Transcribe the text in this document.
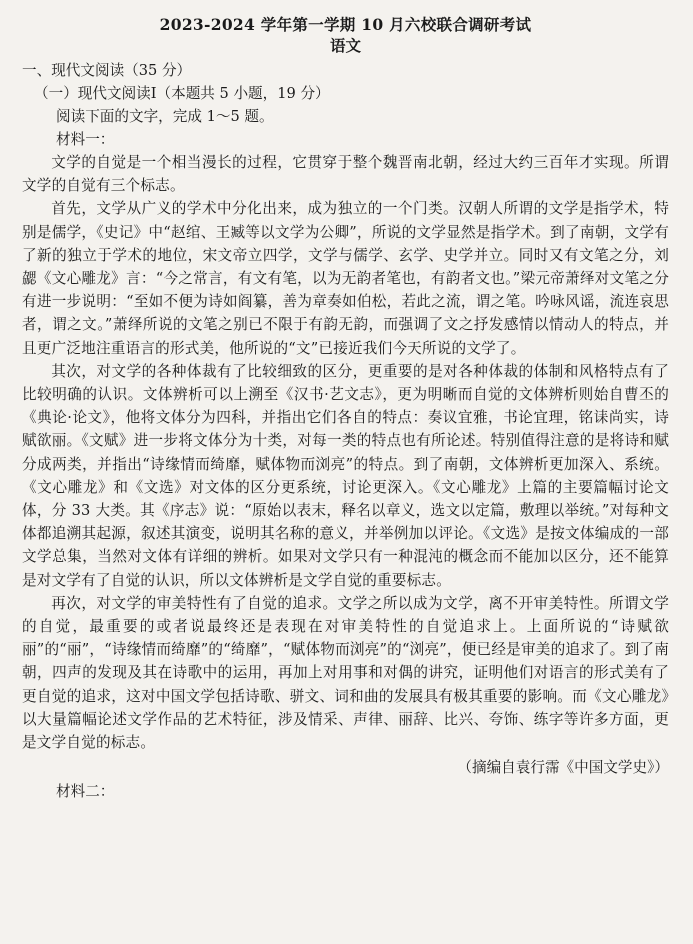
2023-2024 学年第一学期 10 月六校联合调研考试

语文

一、现代文阅读（35 分）

（一）现代文阅读Ⅰ（本题共 5 小题，19 分）

阅读下面的文字，完成 1～5 题。

材料一：

文学的自觉是一个相当漫长的过程，它贯穿于整个魏晋南北朝，经过大约三百年才实现。所谓文学的自觉有三个标志。

首先，文学从广义的学术中分化出来，成为独立的一个门类。汉朝人所谓的文学是指学术，特别是儒学，《史记》中“赵绾、王臧等以文学为公卿”，所说的文学显然是指学术。到了南朝，文学有了新的独立于学术的地位，宋文帝立四学，文学与儒学、玄学、史学并立。同时又有文笔之分，刘勰《文心雕龙》言：“今之常言，有文有笔，以为无韵者笔也，有韵者文也。”梁元帝萧绎对文笔之分有进一步说明：“至如不便为诗如阎纂，善为章奏如伯松，若此之流，谓之笔。吟咏风谣，流连哀思者，谓之文。”萧绎所说的文笔之别已不限于有韵无韵，而强调了文之抒发感情以情动人的特点，并且更广泛地注重语言的形式美，他所说的“文”已接近我们今天所说的文学了。

其次，对文学的各种体裁有了比较细致的区分，更重要的是对各种体裁的体制和风格特点有了比较明确的认识。文体辨析可以上溯至《汉书·艺文志》，更为明晰而自觉的文体辨析则始自曹丕的《典论·论文》，他将文体分为四科，并指出它们各自的特点：奏议宜雅，书论宜理，铭诔尚实，诗赋欲丽。《文赋》进一步将文体分为十类，对每一类的特点也有所论述。特别值得注意的是将诗和赋分成两类，并指出“诗缘情而绮靡，赋体物而浏亮”的特点。到了南朝，文体辨析更加深入、系统。《文心雕龙》和《文选》对文体的区分更系统，讨论更深入。《文心雕龙》上篇的主要篇幅讨论文体，分 33 大类。其《序志》说：“原始以表末，释名以章义，选文以定篇，敷理以举统。”对每种文体都追溯其起源，叙述其演变，说明其名称的意义，并举例加以评论。《文选》是按文体编成的一部文学总集，当然对文体有详细的辨析。如果对文学只有一种混沌的概念而不能加以区分，还不能算是对文学有了自觉的认识，所以文体辨析是文学自觉的重要标志。

再次，对文学的审美特性有了自觉的追求。文学之所以成为文学，离不开审美特性。所谓文学的自觉，最重要的或者说最终还是表现在对审美特性的自觉追求上。上面所说的“诗赋欲丽”的“丽”，“诗缘情而绮靡”的“绮靡”，“赋体物而浏亮”的“浏亮”，便已经是审美的追求了。到了南朝，四声的发现及其在诗歌中的运用，再加上对用事和对偶的讲究，证明他们对语言的形式美有了更自觉的追求，这对中国文学包括诗歌、骈文、词和曲的发展具有极其重要的影响。而《文心雕龙》以大量篇幅论述文学作品的艺术特征，涉及情采、声律、丽辞、比兴、夸饰、练字等许多方面，更是文学自觉的标志。

（摘编自袁行霈《中国文学史》）

材料二：
